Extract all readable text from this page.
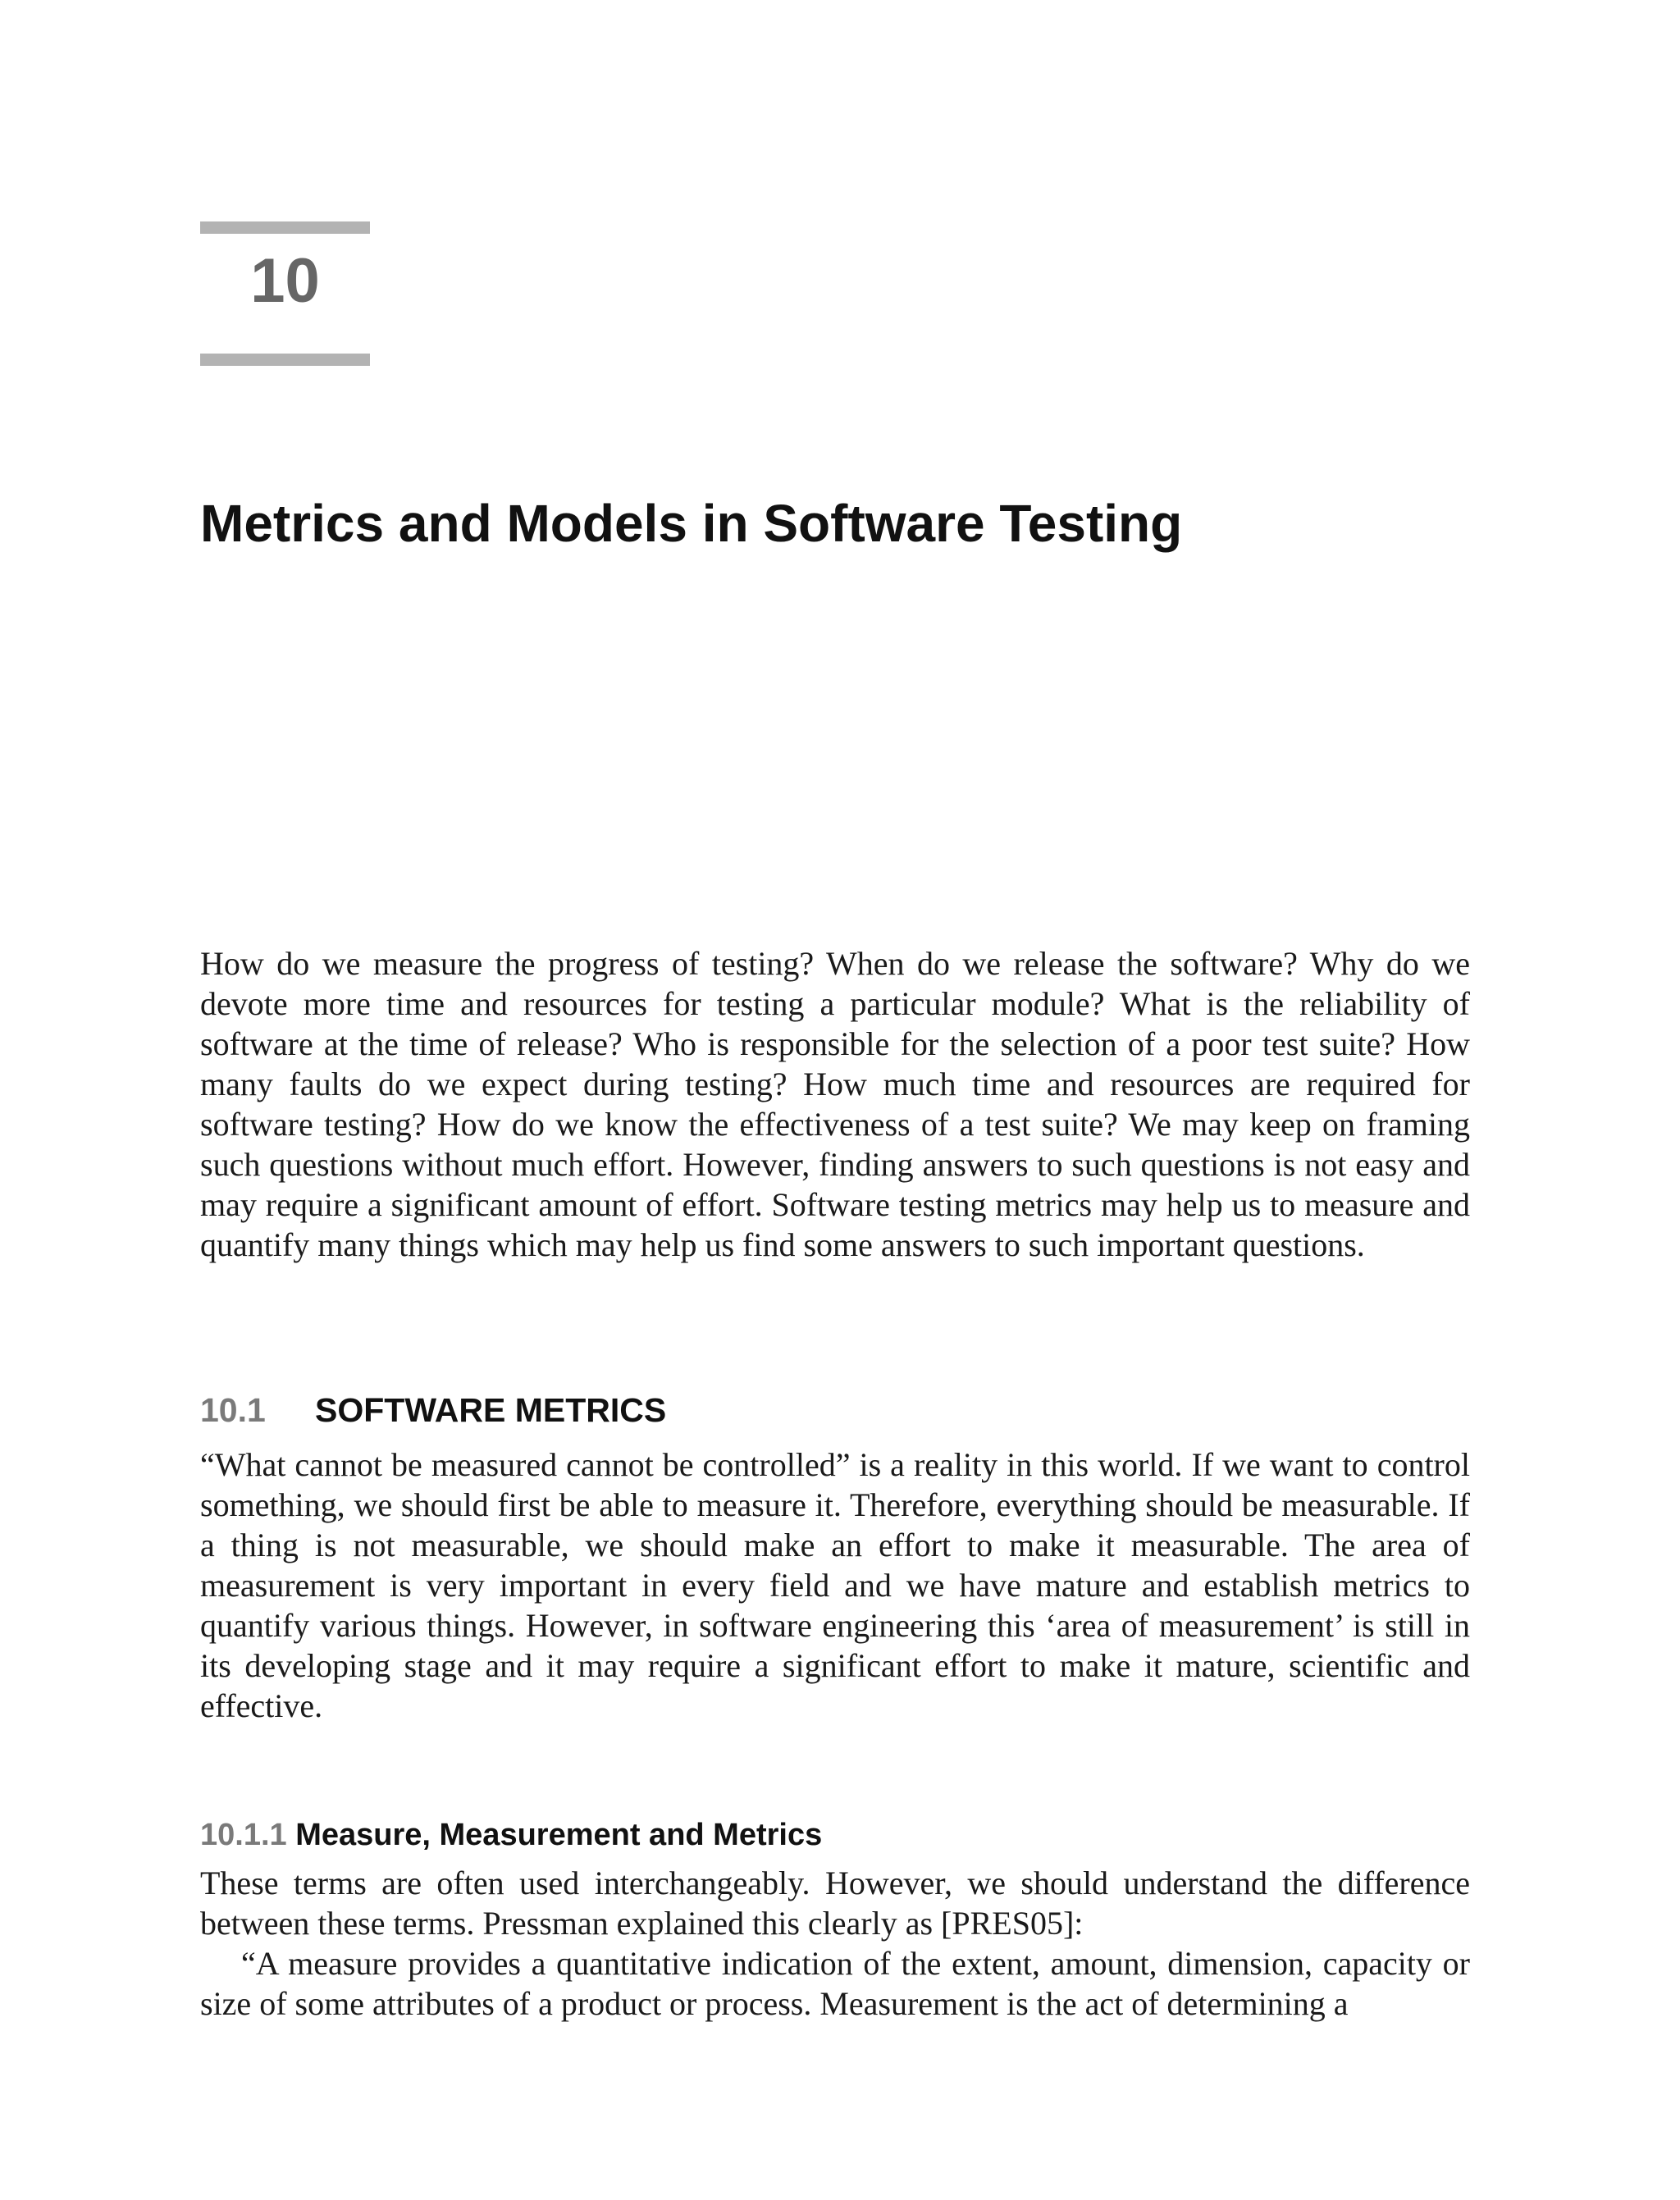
10
Metrics and Models in Software Testing

How do we measure the progress of testing? When do we release the software? Why do we devote more time and resources for testing a particular module? What is the reliability of software at the time of release? Who is responsible for the selection of a poor test suite? How many faults do we expect during testing? How much time and resources are required for software testing? How do we know the effectiveness of a test suite? We may keep on framing such questions without much effort. However, finding answers to such questions is not easy and may require a significant amount of effort. Software testing metrics may help us to measure and quantify many things which may help us find some answers to such important questions.

10.1 SOFTWARE METRICS

“What cannot be measured cannot be controlled” is a reality in this world. If we want to control something, we should first be able to measure it. Therefore, everything should be measurable. If a thing is not measurable, we should make an effort to make it measurable. The area of measurement is very important in every field and we have mature and establish metrics to quantify various things. However, in software engineering this ‘area of measurement’ is still in its developing stage and it may require a significant effort to make it mature, scientific and effective.

10.1.1 Measure, Measurement and Metrics

These terms are often used interchangeably. However, we should understand the difference between these terms. Pressman explained this clearly as [PRES05]:

“A measure provides a quantitative indication of the extent, amount, dimension, capacity or size of some attributes of a product or process. Measurement is the act of determining a
